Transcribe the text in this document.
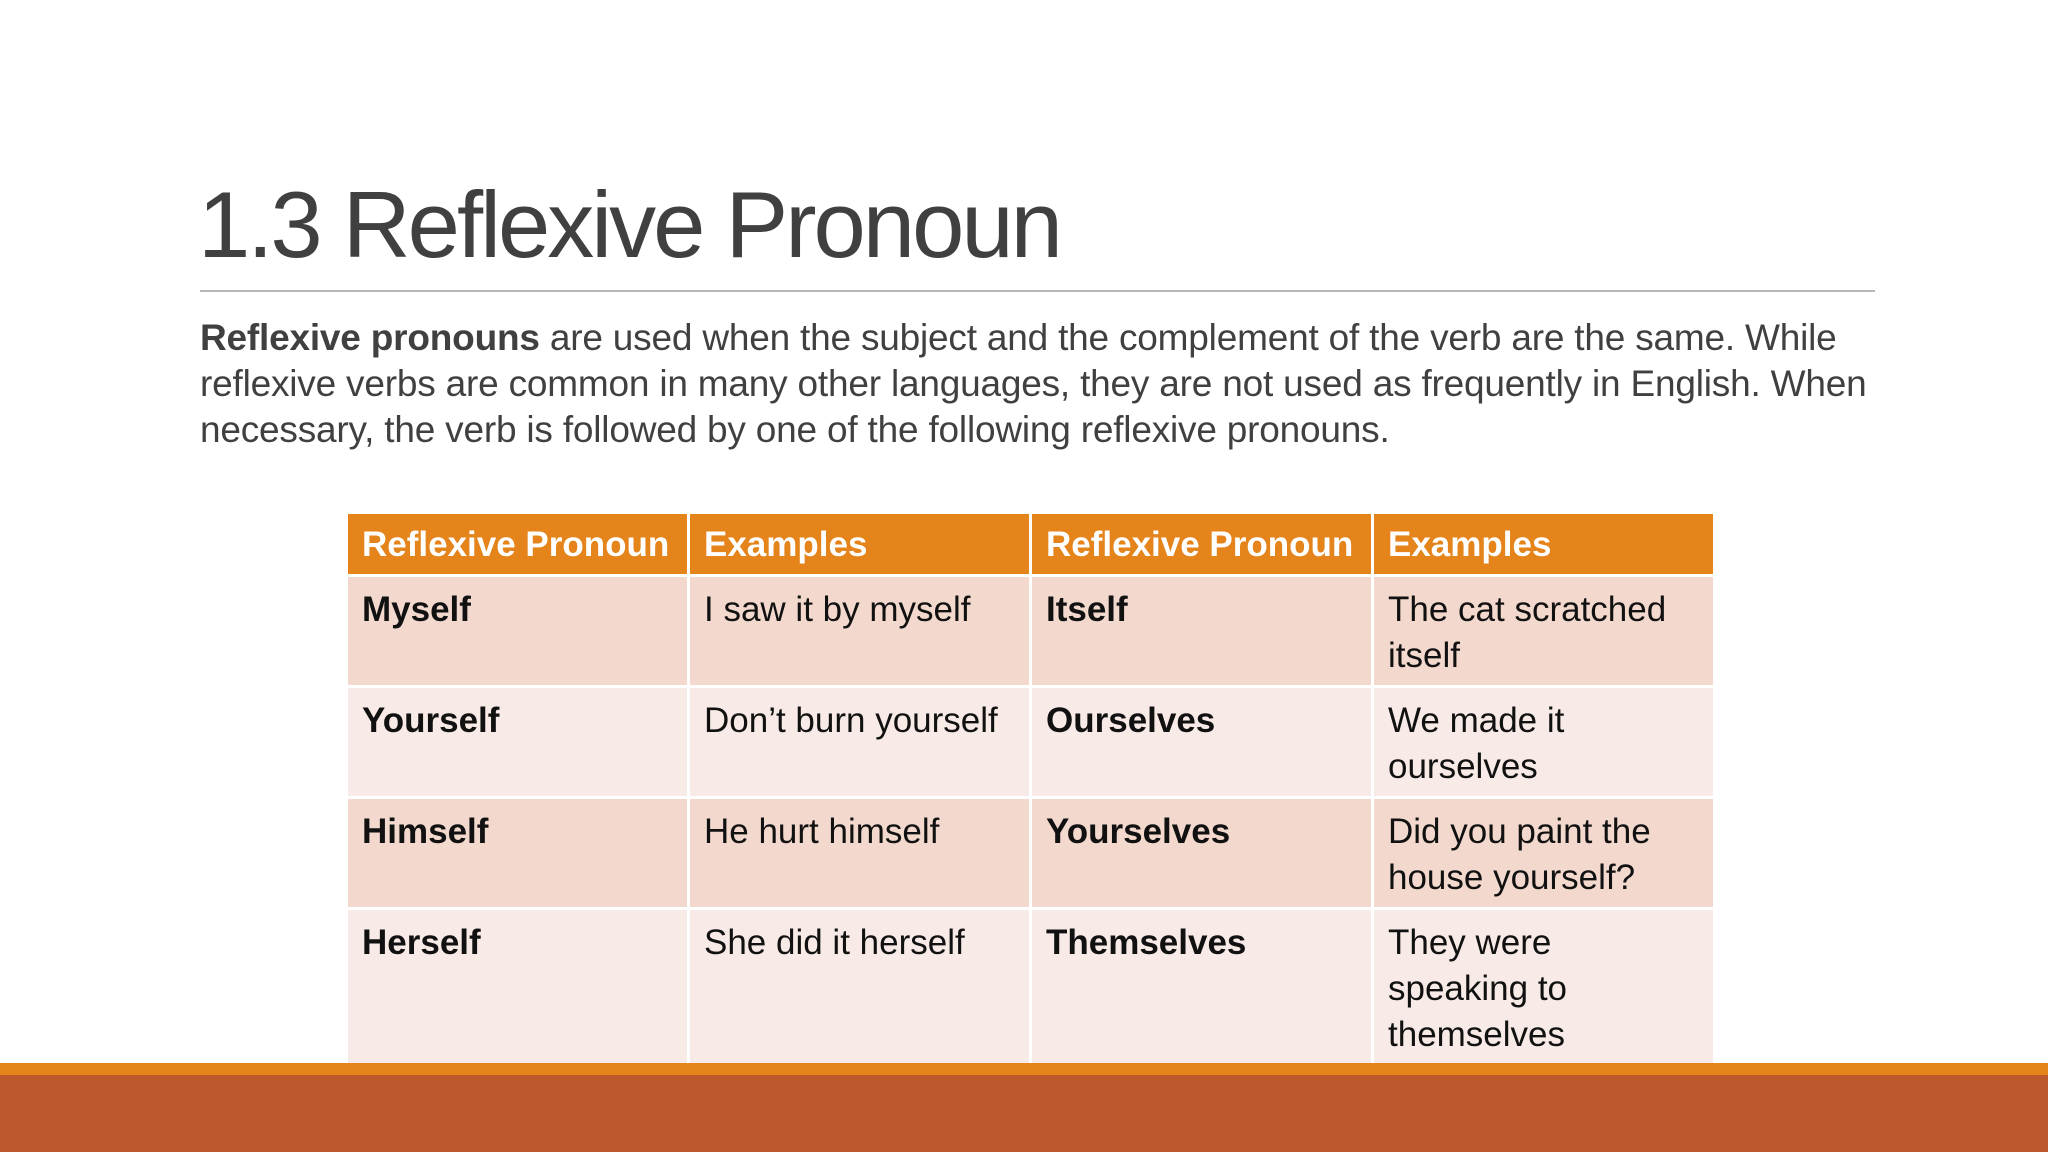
1.3 Reflexive Pronoun

Reflexive pronouns are used when the subject and the complement of the verb are the same. While reflexive verbs are common in many other languages, they are not used as frequently in English. When necessary, the verb is followed by one of the following reflexive pronouns.

Reflexive Pronoun	Examples	Reflexive Pronoun	Examples
Myself	I saw it by myself	Itself	The cat scratched itself
Yourself	Don’t burn yourself	Ourselves	We made it ourselves
Himself	He hurt himself	Yourselves	Did you paint the house yourself?
Herself	She did it herself	Themselves	They were speaking to themselves
